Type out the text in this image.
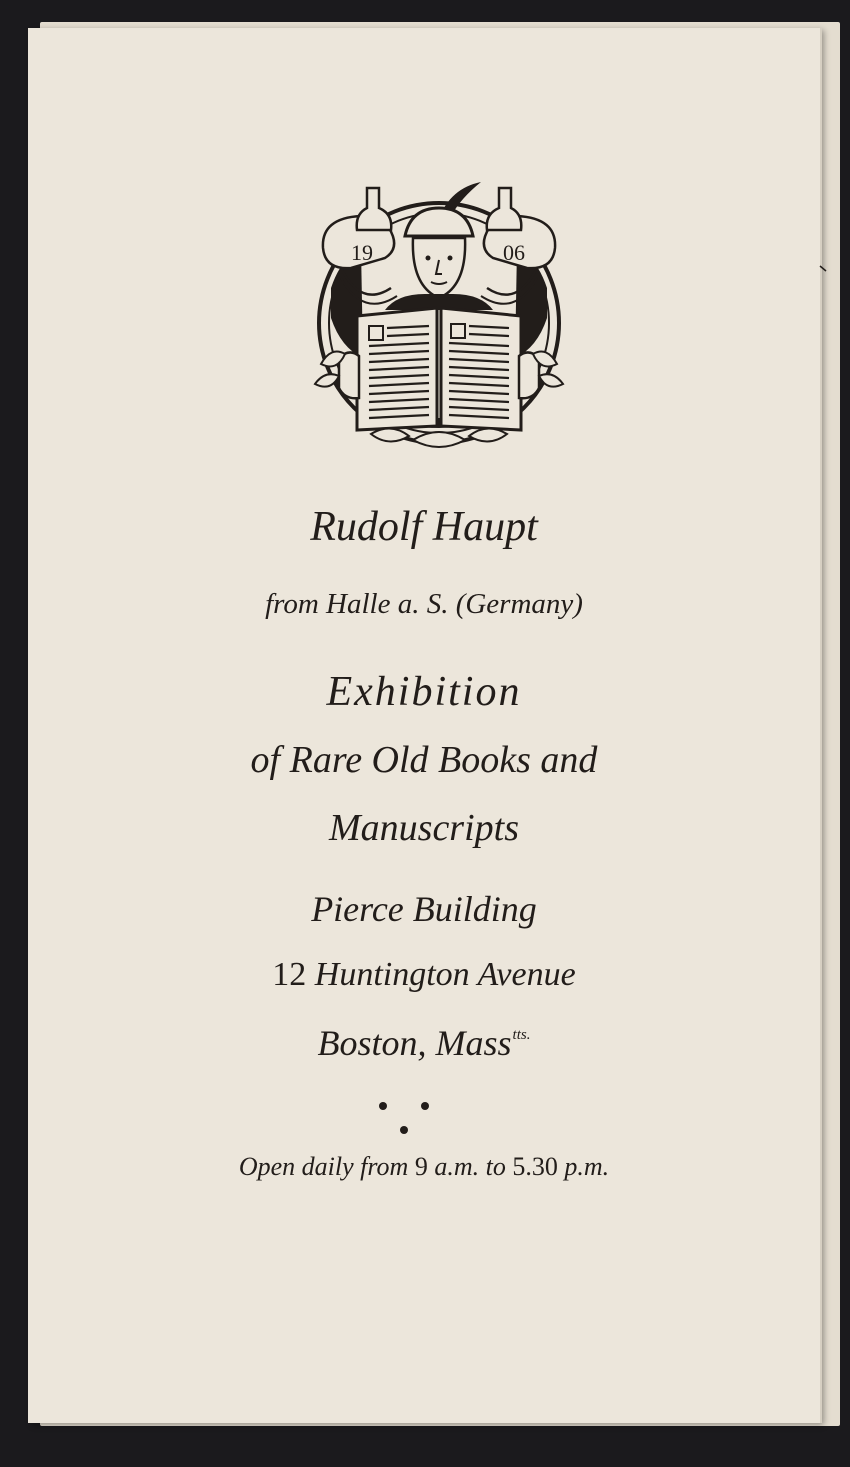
19	06
Rudolf Haupt
from Halle a. S. (Germany)
Exhibition
of Rare Old Books and
Manuscripts
Pierce Building
12 Huntington Avenue
Boston, Mass$^{tts.}$
Open daily from 9 a.m. to 5.30 p.m.
